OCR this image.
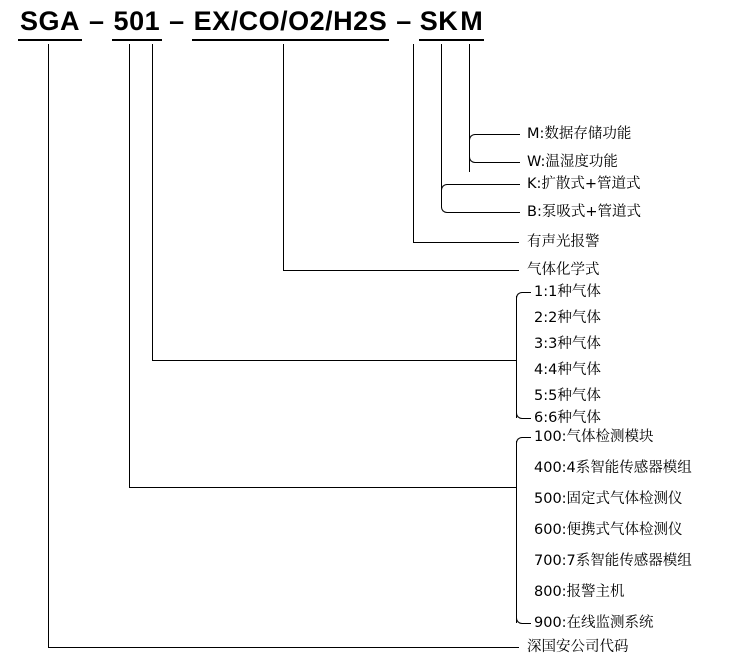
SGA – 501 – EX/CO/O2/H2S – SK M
M:数据存储功能
W:温湿度功能
K:扩散式+管道式
B:泵吸式+管道式
有声光报警
气体化学式
1:1种气体
2:2种气体
3:3种气体
4:4种气体
5:5种气体
6:6种气体
100:气体检测模块
400:4系智能传感器模组
500:固定式气体检测仪
600:便携式气体检测仪
700:7系智能传感器模组
800:报警主机
900:在线监测系统
深国安公司代码
